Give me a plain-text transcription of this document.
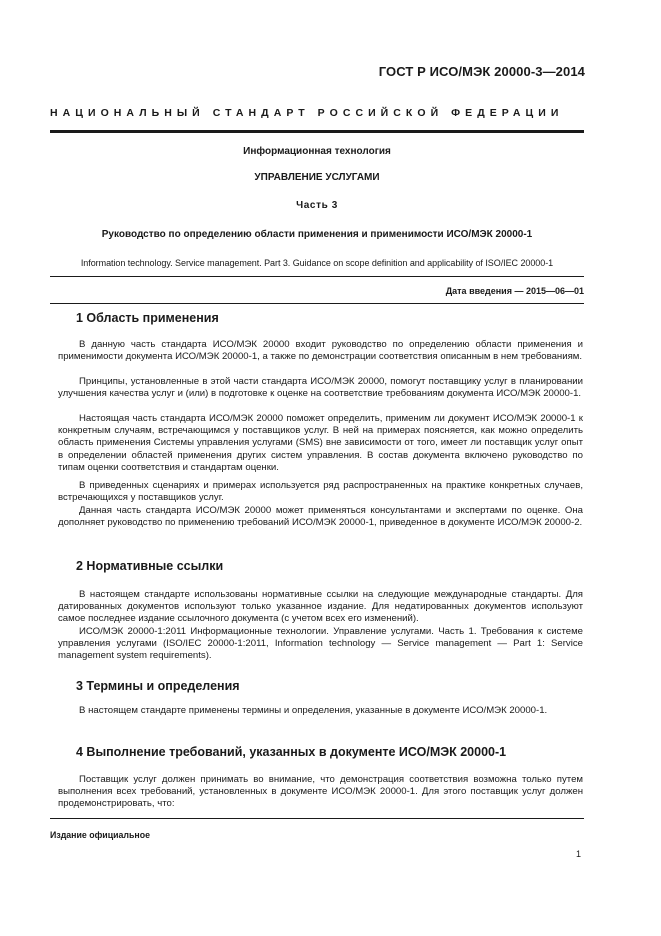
ГОСТ Р ИСО/МЭК 20000-3—2014
НАЦИОНАЛЬНЫЙ СТАНДАРТ РОССИЙСКОЙ ФЕДЕРАЦИИ
Информационная технология
УПРАВЛЕНИЕ УСЛУГАМИ
Часть 3
Руководство по определению области применения и применимости ИСО/МЭК 20000-1
Information technology. Service management. Part 3. Guidance on scope definition and applicability of ISO/IEC 20000-1
Дата введения — 2015—06—01
1 Область применения
В данную часть стандарта ИСО/МЭК 20000 входит руководство по определению области применения и применимости документа ИСО/МЭК 20000-1, а также по демонстрации соответствия описанным в нем требованиям.
Принципы, установленные в этой части стандарта ИСО/МЭК 20000, помогут поставщику услуг в планировании улучшения качества услуг и (или) в подготовке к оценке на соответствие требованиям документа ИСО/МЭК 20000-1.
Настоящая часть стандарта ИСО/МЭК 20000 поможет определить, применим ли документ ИСО/МЭК 20000-1 к конкретным случаям, встречающимся у поставщиков услуг. В ней на примерах поясняется, как можно определить область применения Системы управления услугами (SMS) вне зависимости от того, имеет ли поставщик услуг опыт в определении областей применения других систем управления. В состав документа включено руководство по типам оценки соответствия и стандартам оценки.
В приведенных сценариях и примерах используется ряд распространенных на практике конкретных случаев, встречающихся у поставщиков услуг.
Данная часть стандарта ИСО/МЭК 20000 может применяться консультантами и экспертами по оценке. Она дополняет руководство по применению требований ИСО/МЭК 20000-1, приведенное в документе ИСО/МЭК 20000-2.
2 Нормативные ссылки
В настоящем стандарте использованы нормативные ссылки на следующие международные стандарты. Для датированных документов используют только указанное издание. Для недатированных документов используют самое последнее издание ссылочного документа (с учетом всех его изменений).
ИСО/МЭК 20000-1:2011 Информационные технологии. Управление услугами. Часть 1. Требования к системе управления услугами (ISO/IEC 20000-1:2011, Information technology — Service management — Part 1: Service management system requirements).
3 Термины и определения
В настоящем стандарте применены термины и определения, указанные в документе ИСО/МЭК 20000-1.
4 Выполнение требований, указанных в документе ИСО/МЭК 20000-1
Поставщик услуг должен принимать во внимание, что демонстрация соответствия возможна только путем выполнения всех требований, установленных в документе ИСО/МЭК 20000-1. Для этого поставщик услуг должен продемонстрировать, что:
Издание официальное
1
